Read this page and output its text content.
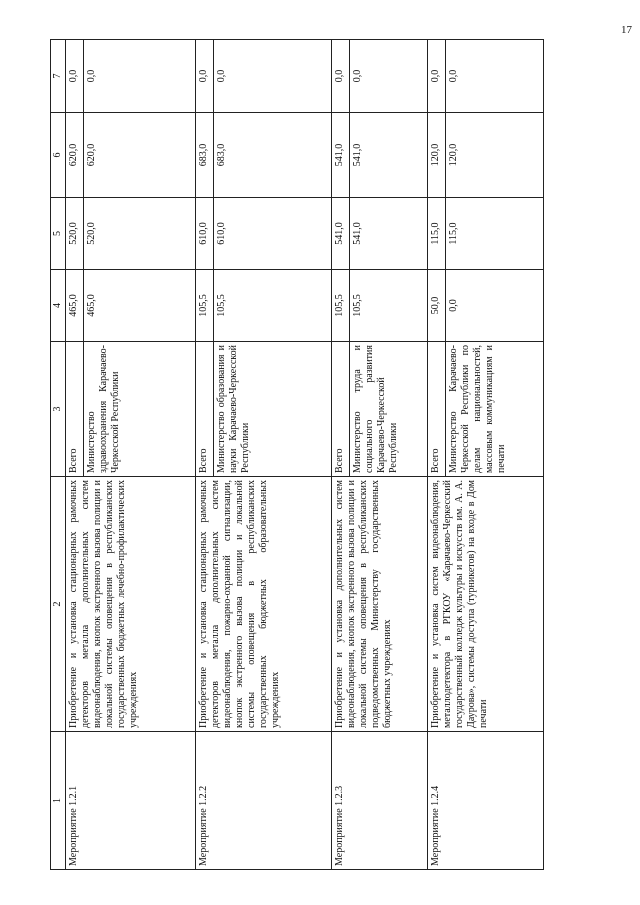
17
1	2	3	4	5	6	7
Мероприятие 1.2.1	Приобретение и установка стационарных рамочных детекторов металла дополнительных систем видеонаблюдения, кнопок экстренного вызова полиции и локальной системы оповещения в республиканских государственных бюджетных лечебно-профилактических учреждениях	Всего	465,0	520,0	620,0	0,0
		Министерство здравоохранения Карачаево-Черкесской Республики	465,0	520,0	620,0	0,0
Мероприятие 1.2.2	Приобретение и установка стационарных рамочных детекторов металла дополнительных систем видеонаблюдения, пожарно-охранной сигнализации, кнопок экстренного вызова полиции и локальной системы оповещения в республиканских государственных бюджетных образовательных учреждениях	Всего	105,5	610,0	683,0	0,0
		Министерство образования и науки Карачаево-Черкесской Республики	105,5	610,0	683,0	0,0
Мероприятие 1.2.3	Приобретение и установка дополнительных систем видеонаблюдения, кнопок экстренного вызова полиции и локальной системы оповещения в республиканских подведомственных Министерству государственных бюджетных учреждениях	Всего	105,5	541,0	541,0	0,0
		Министерство труда и социального развития Карачаево-Черкесской Республики	105,5	541,0	541,0	0,0
Мероприятие 1.2.4	Приобретение и установка систем видеонаблюдения, металлодетектора в РГКОУ «Карачаево-Черкесский государственный колледж культуры и искусств им. А. А. Даурова», системы доступа (турникетов) на входе в Дом печати	Всего	50,0	115,0	120,0	0,0
		Министерство Карачаево-Черкесской Республики по делам национальностей, массовым коммуникациям и печати	0,0	115,0	120,0	0,0
